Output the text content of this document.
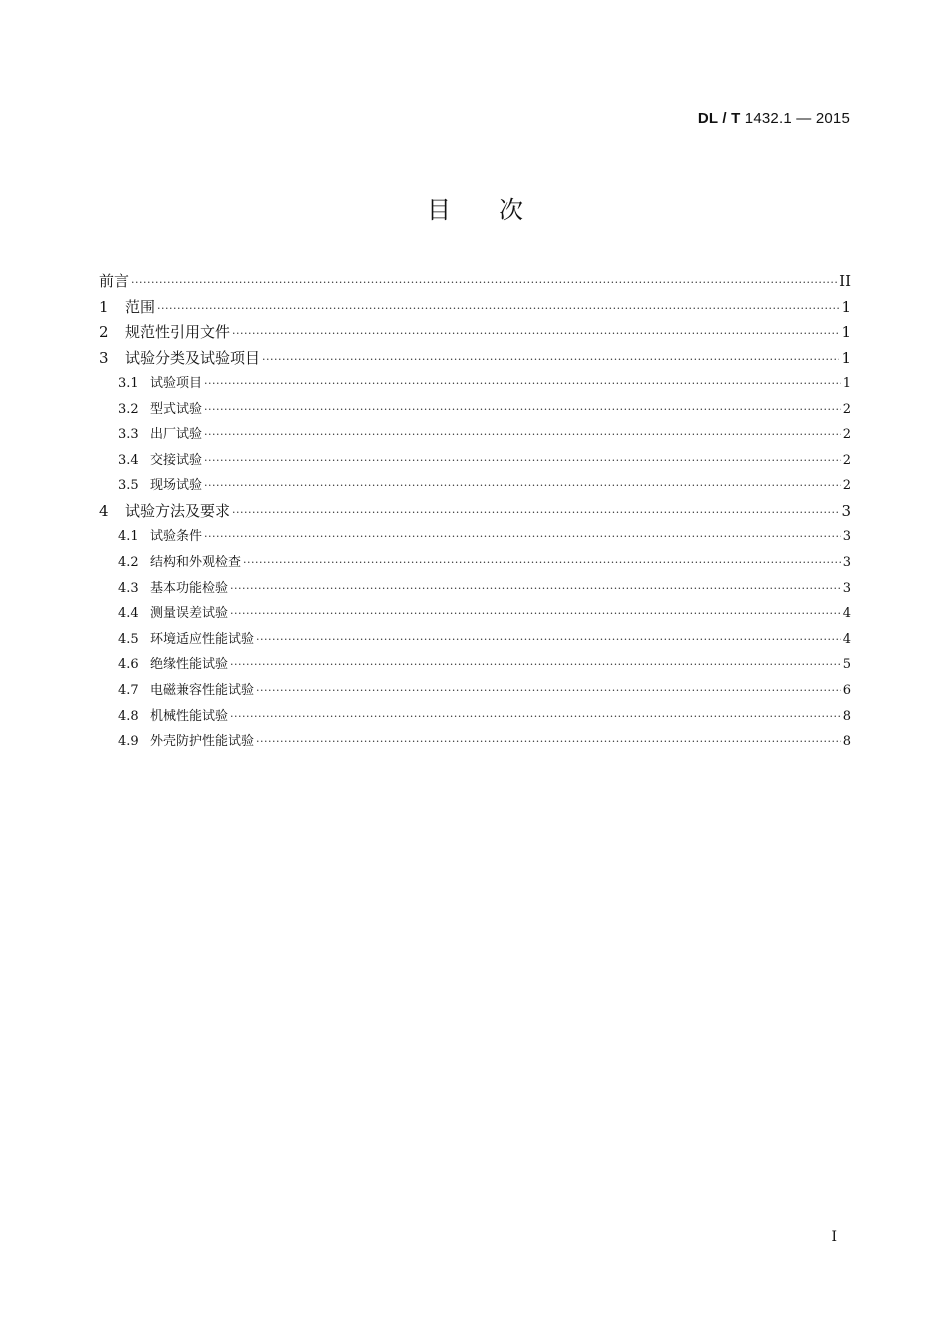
DL / T 1432.1 — 2015
目次
前言 ·····	II
1	范围 ·····	1
2	规范性引用文件 ·····	1
3	试验分类及试验项目 ·····	1
3.1 试验项目 ·····	1
3.2 型式试验 ·····	2
3.3 出厂试验 ·····	2
3.4 交接试验 ·····	2
3.5 现场试验 ·····	2
4	试验方法及要求 ·····	3
4.1 试验条件 ·····	3
4.2 结构和外观检查 ·····	3
4.3 基本功能检验 ·····	3
4.4 测量误差试验 ·····	4
4.5 环境适应性能试验 ·····	4
4.6 绝缘性能试验 ·····	5
4.7 电磁兼容性能试验 ·····	6
4.8 机械性能试验 ·····	8
4.9 外壳防护性能试验 ·····	8
I
